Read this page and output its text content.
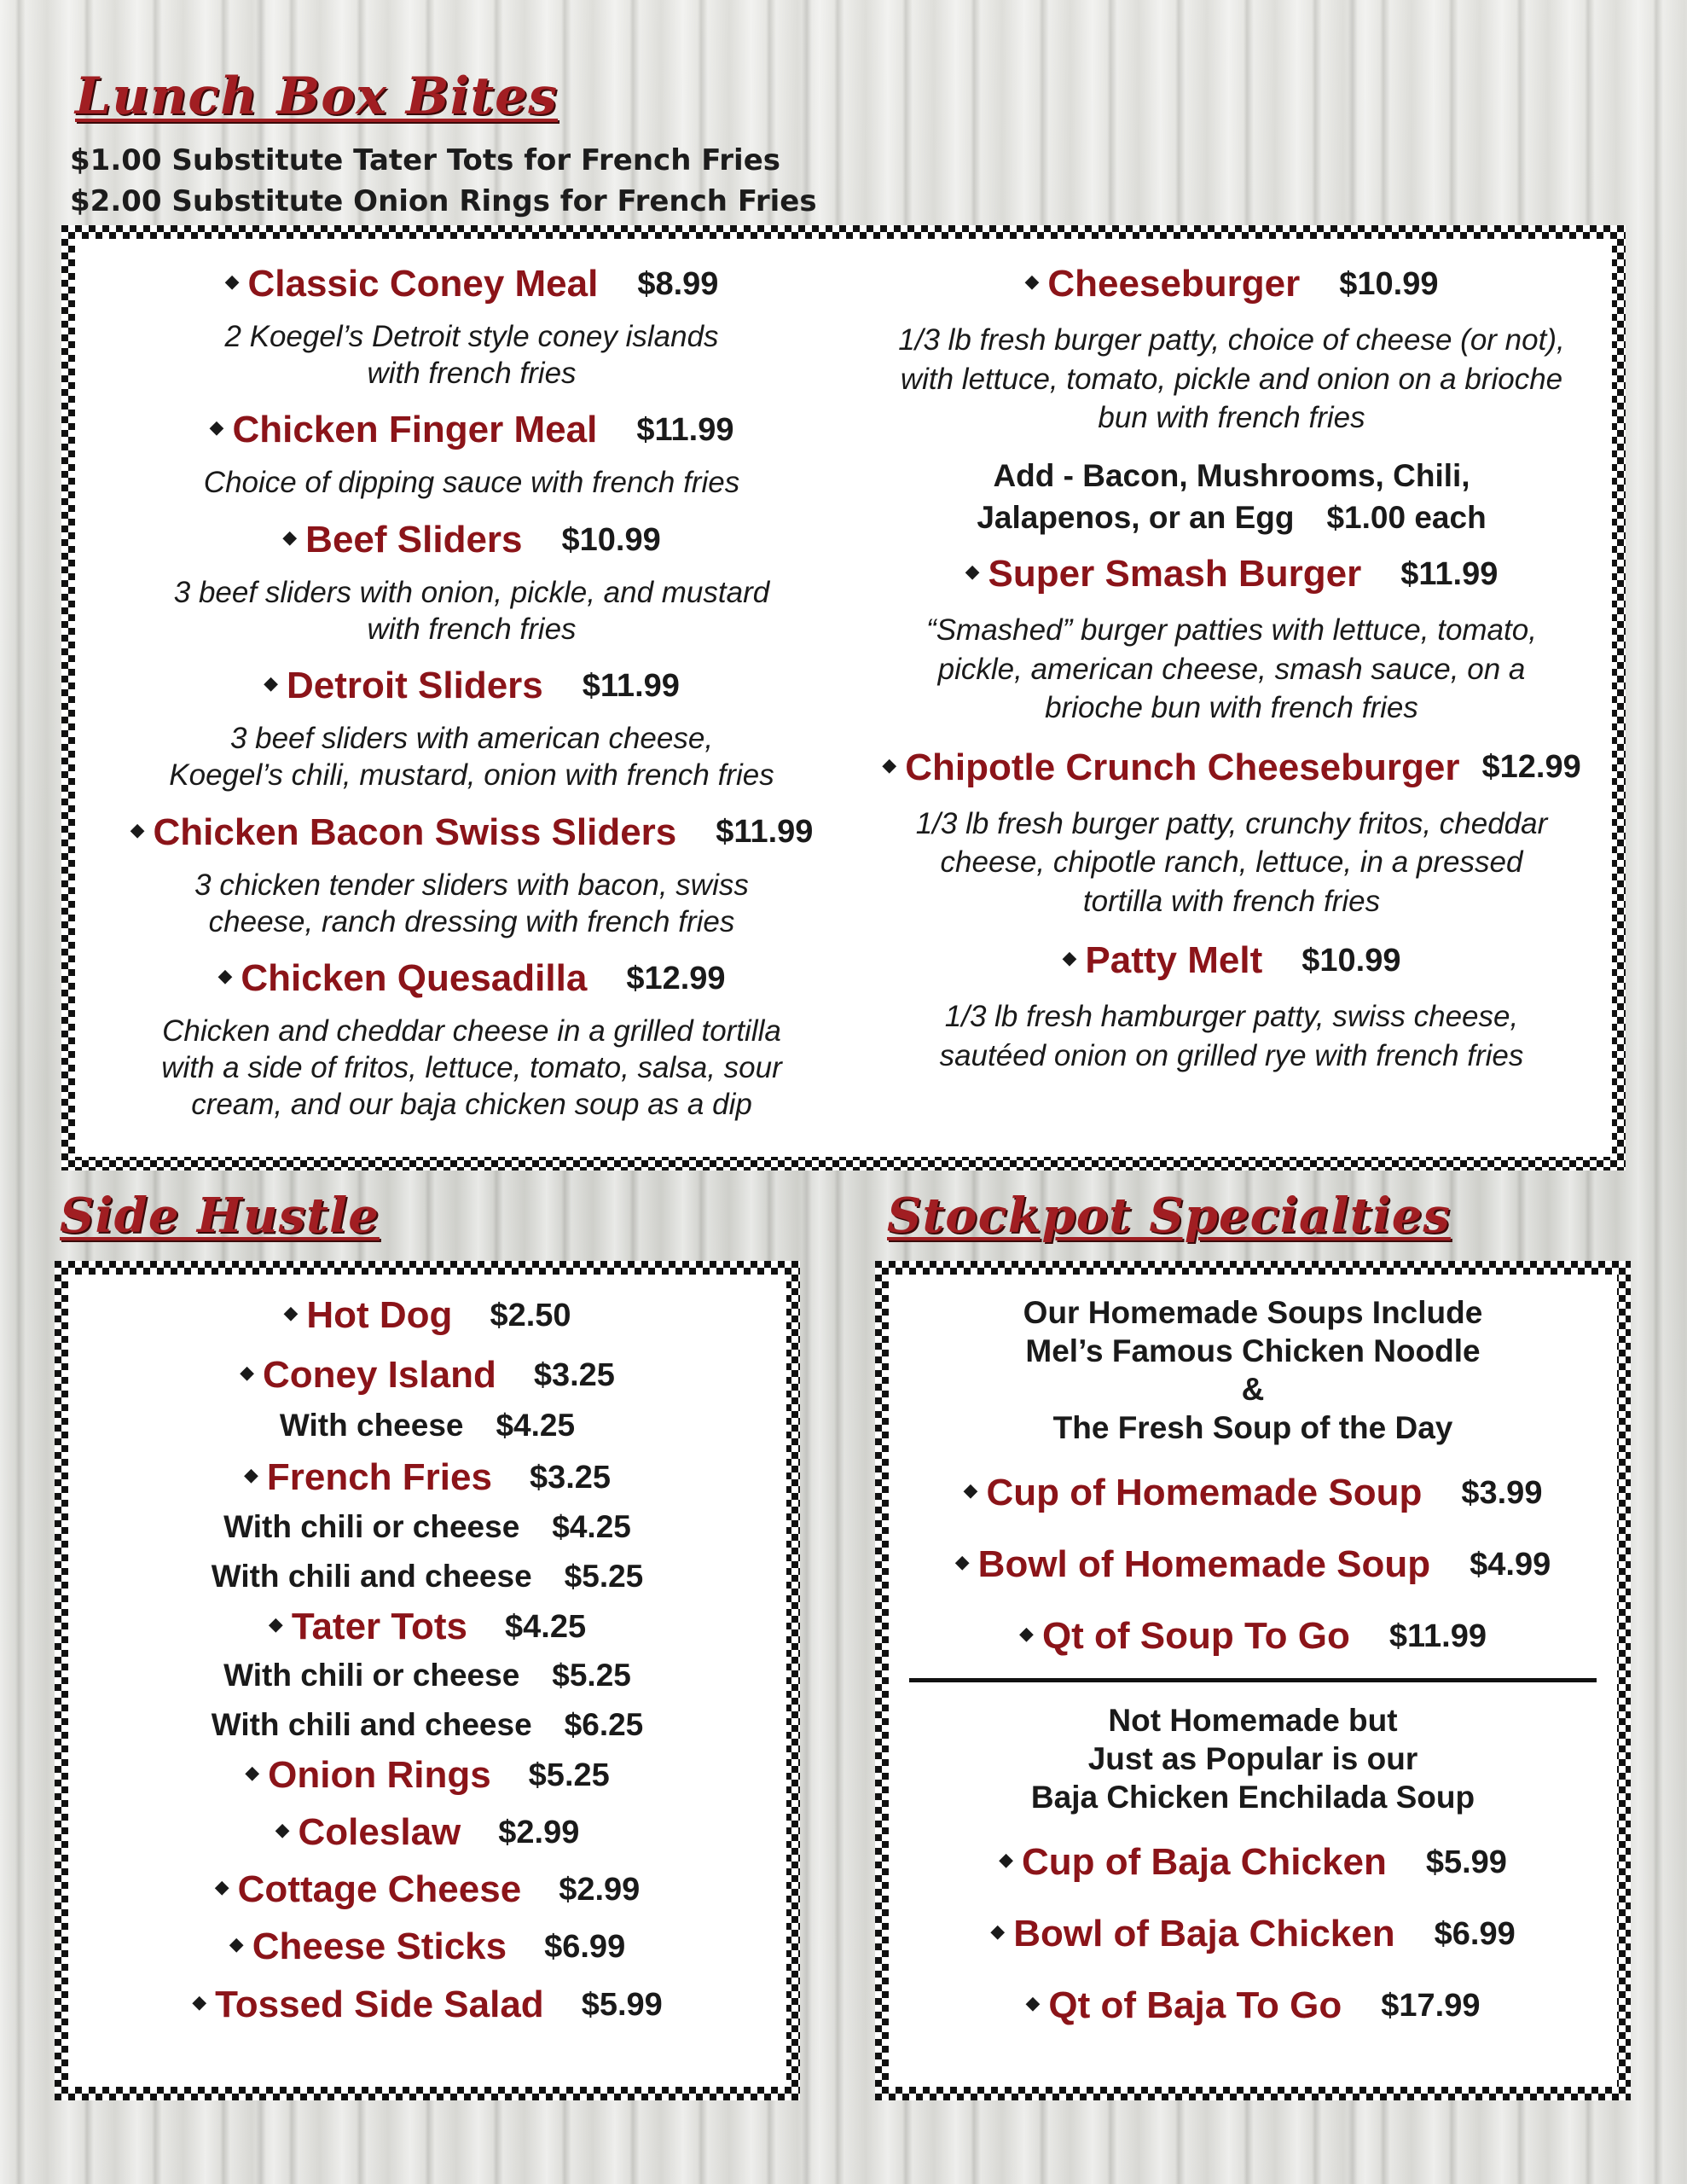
Lunch Box Bites
$1.00 Substitute Tater Tots for French Fries
$2.00 Substitute Onion Rings for French Fries
◆ Classic Coney Meal $8.99
2 Koegel’s Detroit style coney islands
with french fries
◆ Chicken Finger Meal $11.99
Choice of dipping sauce with french fries
◆ Beef Sliders $10.99
3 beef sliders with onion, pickle, and mustard
with french fries
◆ Detroit Sliders $11.99
3 beef sliders with american cheese,
Koegel’s chili, mustard, onion with french fries
◆ Chicken Bacon Swiss Sliders $11.99
3 chicken tender sliders with bacon, swiss
cheese, ranch dressing with french fries
◆ Chicken Quesadilla $12.99
Chicken and cheddar cheese in a grilled tortilla
with a side of fritos, lettuce, tomato, salsa, sour
cream, and our baja chicken soup as a dip
◆ Cheeseburger $10.99
1/3 lb fresh burger patty, choice of cheese (or not),
with lettuce, tomato, pickle and onion on a brioche
bun with french fries
Add - Bacon, Mushrooms, Chili,
Jalapenos, or an Egg $1.00 each
◆ Super Smash Burger $11.99
“Smashed” burger patties with lettuce, tomato,
pickle, american cheese, smash sauce, on a
brioche bun with french fries
◆ Chipotle Crunch Cheeseburger $12.99
1/3 lb fresh burger patty, crunchy fritos, cheddar
cheese, chipotle ranch, lettuce, in a pressed
tortilla with french fries
◆ Patty Melt $10.99
1/3 lb fresh hamburger patty, swiss cheese,
sautéed onion on grilled rye with french fries
Side Hustle
◆ Hot Dog $2.50
◆ Coney Island $3.25
With cheese $4.25
◆ French Fries $3.25
With chili or cheese $4.25
With chili and cheese $5.25
◆ Tater Tots $4.25
With chili or cheese $5.25
With chili and cheese $6.25
◆ Onion Rings $5.25
◆ Coleslaw $2.99
◆ Cottage Cheese $2.99
◆ Cheese Sticks $6.99
◆ Tossed Side Salad $5.99
Stockpot Specialties
Our Homemade Soups Include
Mel’s Famous Chicken Noodle
&
The Fresh Soup of the Day
◆ Cup of Homemade Soup $3.99
◆ Bowl of Homemade Soup $4.99
◆ Qt of Soup To Go $11.99
Not Homemade but
Just as Popular is our
Baja Chicken Enchilada Soup
◆ Cup of Baja Chicken $5.99
◆ Bowl of Baja Chicken $6.99
◆ Qt of Baja To Go $17.99
